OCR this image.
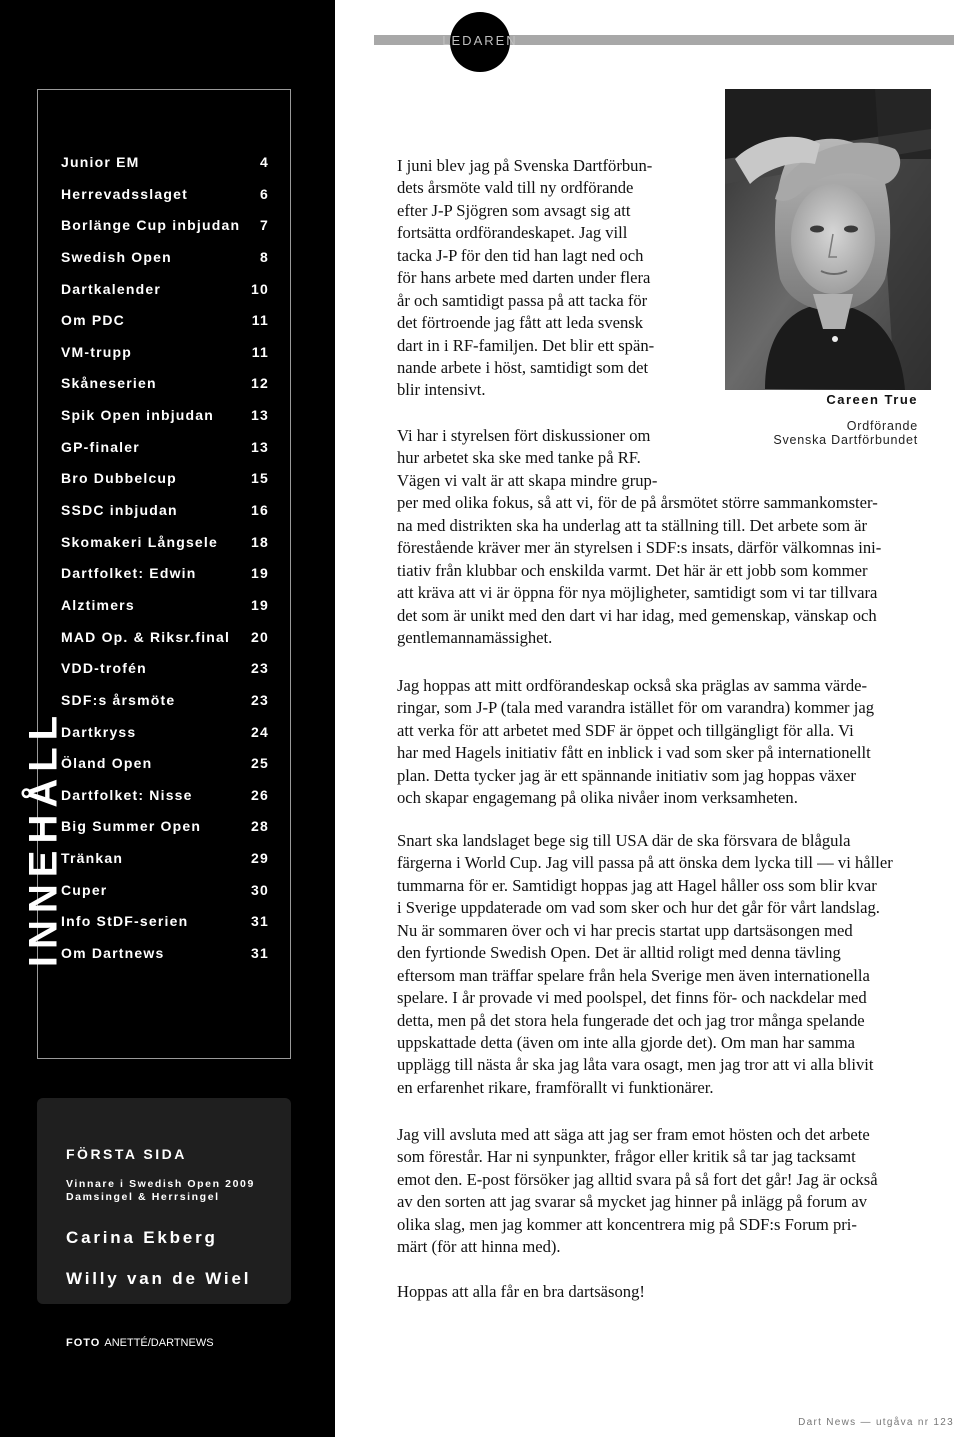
Junior EM	4
Herrevadsslaget	6
Borlänge Cup inbjudan 7
Swedish Open	8
Dartkalender	10
Om PDC	11
VM-trupp	11
Skåneserien	12
Spik Open inbjudan	13
GP-finaler	13
Bro Dubbelcup	15
SSDC inbjudan	16
Skomakeri Långsele 18
Dartfolket: Edwin	19
Alztimers	19
MAD Op. & Riksr.final 20
VDD-trofén	23
SDF:s årsmöte	23
Dartkryss	24
Öland Open	25
Dartfolket: Nisse	26
Big Summer Open	28
Tränkan	29
Cuper	30
Info StDF-serien	31
Om Dartnews	31
INNEHÅLL
FÖRSTA SIDA
Vinnare i Swedish Open 2009
Damsingel & Herrsingel
Carina Ekberg
Willy van de Wiel
FOTO ANETTÉ/DARTNEWS
LEDAREN
Careen True
Ordförande
Svenska Dartförbundet
I juni blev jag på Svenska Dartförbun-
dets årsmöte vald till ny ordförande
efter J-P Sjögren som avsagt sig att
fortsätta ordförandeskapet. Jag vill
tacka J-P för den tid han lagt ned och
för hans arbete med darten under flera
år och samtidigt passa på att tacka för
det förtroende jag fått att leda svensk
dart in i RF-familjen. Det blir ett spän-
nande arbete i höst, samtidigt som det
blir intensivt.
Vi har i styrelsen fört diskussioner om
hur arbetet ska ske med tanke på RF.
Vägen vi valt är att skapa mindre grup-
per med olika fokus, så att vi, för de på årsmötet större sammankomster-
na med distrikten ska ha underlag att ta ställning till. Det arbete som är
förestående kräver mer än styrelsen i SDF:s insats, därför välkomnas ini-
tiativ från klubbar och enskilda varmt. Det här är ett jobb som kommer
att kräva att vi är öppna för nya möjligheter, samtidigt som vi tar tillvara
det som är unikt med den dart vi har idag, med gemenskap, vänskap och
gentlemannamässighet.
Jag hoppas att mitt ordförandeskap också ska präglas av samma värde-
ringar, som J-P (tala med varandra istället för om varandra) kommer jag
att verka för att arbetet med SDF är öppet och tillgängligt för alla. Vi
har med Hagels initiativ fått en inblick i vad som sker på internationellt
plan. Detta tycker jag är ett spännande initiativ som jag hoppas växer
och skapar engagemang på olika nivåer inom verksamheten.
Snart ska landslaget bege sig till USA där de ska försvara de blågula
färgerna i World Cup. Jag vill passa på att önska dem lycka till — vi håller
tummarna för er. Samtidigt hoppas jag att Hagel håller oss som blir kvar
i Sverige uppdaterade om vad som sker och hur det går för vårt landslag.
Nu är sommaren över och vi har precis startat upp dartsäsongen med
den fyrtionde Swedish Open. Det är alltid roligt med denna tävling
eftersom man träffar spelare från hela Sverige men även internationella
spelare. I år provade vi med poolspel, det finns för- och nackdelar med
detta, men på det stora hela fungerade det och jag tror många spelande
uppskattade detta (även om inte alla gjorde det). Om man har samma
upplägg till nästa år ska jag låta vara osagt, men jag tror att vi alla blivit
en erfarenhet rikare, framförallt vi funktionärer.
Jag vill avsluta med att säga att jag ser fram emot hösten och det arbete
som förestår. Har ni synpunkter, frågor eller kritik så tar jag tacksamt
emot den. E-post försöker jag alltid svara på så fort det går! Jag är också
av den sorten att jag svarar så mycket jag hinner på inlägg på forum av
olika slag, men jag kommer att koncentrera mig på SDF:s Forum pri-
märt (för att hinna med).
Hoppas att alla får en bra dartsäsong!
Dart News — utgåva nr 123
